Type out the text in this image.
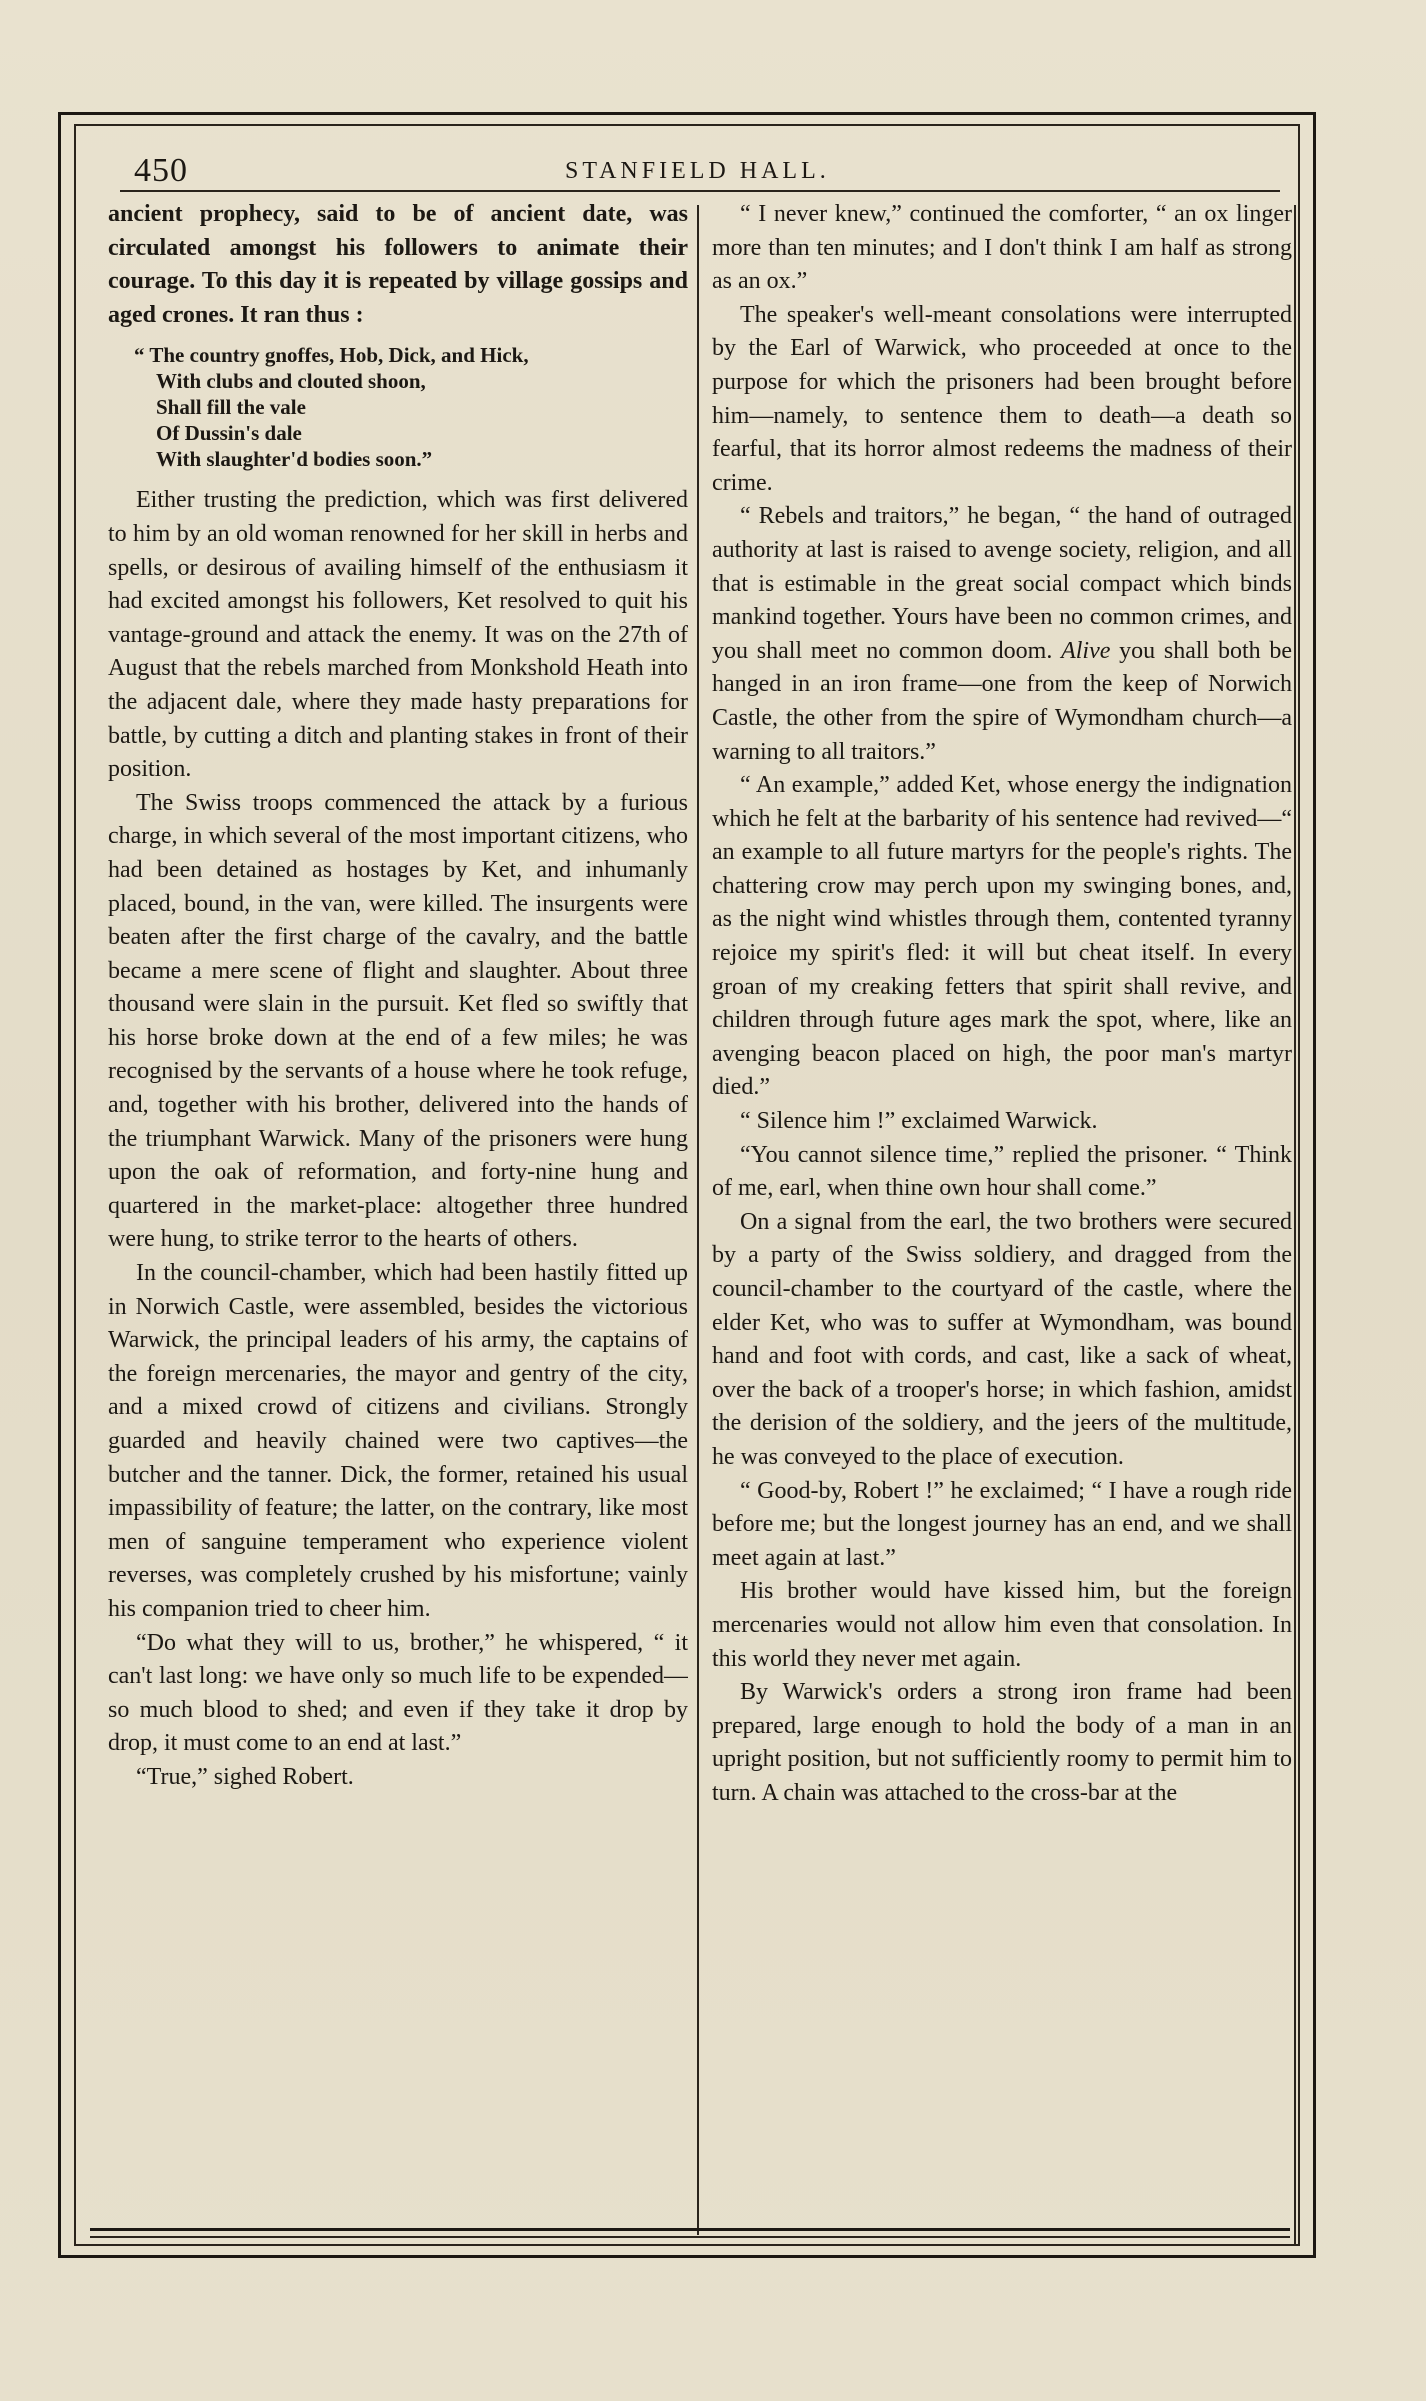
450	STANFIELD HALL.

ancient prophecy, said to be of ancient date, was circulated amongst his followers to animate their courage. To this day it is repeated by village gossips and aged crones. It ran thus :

“ The country gnoffes, Hob, Dick, and Hick,
With clubs and clouted shoon,
Shall fill the vale
Of Dussin's dale
With slaughter'd bodies soon.”

Either trusting the prediction, which was first delivered to him by an old woman renowned for her skill in herbs and spells, or desirous of availing himself of the enthusiasm it had excited amongst his followers, Ket resolved to quit his vantage-ground and attack the enemy. It was on the 27th of August that the rebels marched from Monkshold Heath into the adjacent dale, where they made hasty preparations for battle, by cutting a ditch and planting stakes in front of their position.

The Swiss troops commenced the attack by a furious charge, in which several of the most important citizens, who had been detained as hostages by Ket, and inhumanly placed, bound, in the van, were killed. The insurgents were beaten after the first charge of the cavalry, and the battle became a mere scene of flight and slaughter. About three thousand were slain in the pursuit. Ket fled so swiftly that his horse broke down at the end of a few miles; he was recognised by the servants of a house where he took refuge, and, together with his brother, delivered into the hands of the triumphant Warwick. Many of the prisoners were hung upon the oak of reformation, and forty-nine hung and quartered in the market-place: altogether three hundred were hung, to strike terror to the hearts of others.

In the council-chamber, which had been hastily fitted up in Norwich Castle, were assembled, besides the victorious Warwick, the principal leaders of his army, the captains of the foreign mercenaries, the mayor and gentry of the city, and a mixed crowd of citizens and civilians. Strongly guarded and heavily chained were two captives—the butcher and the tanner. Dick, the former, retained his usual impassibility of feature; the latter, on the contrary, like most men of sanguine temperament who experience violent reverses, was completely crushed by his misfortune; vainly his companion tried to cheer him.

“Do what they will to us, brother,” he whispered, “ it can't last long: we have only so much life to be expended—so much blood to shed; and even if they take it drop by drop, it must come to an end at last.”

“True,” sighed Robert.

“ I never knew,” continued the comforter, “ an ox linger more than ten minutes; and I don't think I am half as strong as an ox.”

The speaker's well-meant consolations were interrupted by the Earl of Warwick, who proceeded at once to the purpose for which the prisoners had been brought before him—namely, to sentence them to death—a death so fearful, that its horror almost redeems the madness of their crime.

“ Rebels and traitors,” he began, “ the hand of outraged authority at last is raised to avenge society, religion, and all that is estimable in the great social compact which binds mankind together. Yours have been no common crimes, and you shall meet no common doom. Alive you shall both be hanged in an iron frame—one from the keep of Norwich Castle, the other from the spire of Wymondham church—a warning to all traitors.”

“ An example,” added Ket, whose energy the indignation which he felt at the barbarity of his sentence had revived—“ an example to all future martyrs for the people's rights. The chattering crow may perch upon my swinging bones, and, as the night wind whistles through them, contented tyranny rejoice my spirit's fled: it will but cheat itself. In every groan of my creaking fetters that spirit shall revive, and children through future ages mark the spot, where, like an avenging beacon placed on high, the poor man's martyr died.”

“ Silence him !” exclaimed Warwick.

“You cannot silence time,” replied the prisoner. “ Think of me, earl, when thine own hour shall come.”

On a signal from the earl, the two brothers were secured by a party of the Swiss soldiery, and dragged from the council-chamber to the courtyard of the castle, where the elder Ket, who was to suffer at Wymondham, was bound hand and foot with cords, and cast, like a sack of wheat, over the back of a trooper's horse; in which fashion, amidst the derision of the soldiery, and the jeers of the multitude, he was conveyed to the place of execution.

“ Good-by, Robert !” he exclaimed; “ I have a rough ride before me; but the longest journey has an end, and we shall meet again at last.”

His brother would have kissed him, but the foreign mercenaries would not allow him even that consolation. In this world they never met again.

By Warwick's orders a strong iron frame had been prepared, large enough to hold the body of a man in an upright position, but not sufficiently roomy to permit him to turn. A chain was attached to the cross-bar at the
